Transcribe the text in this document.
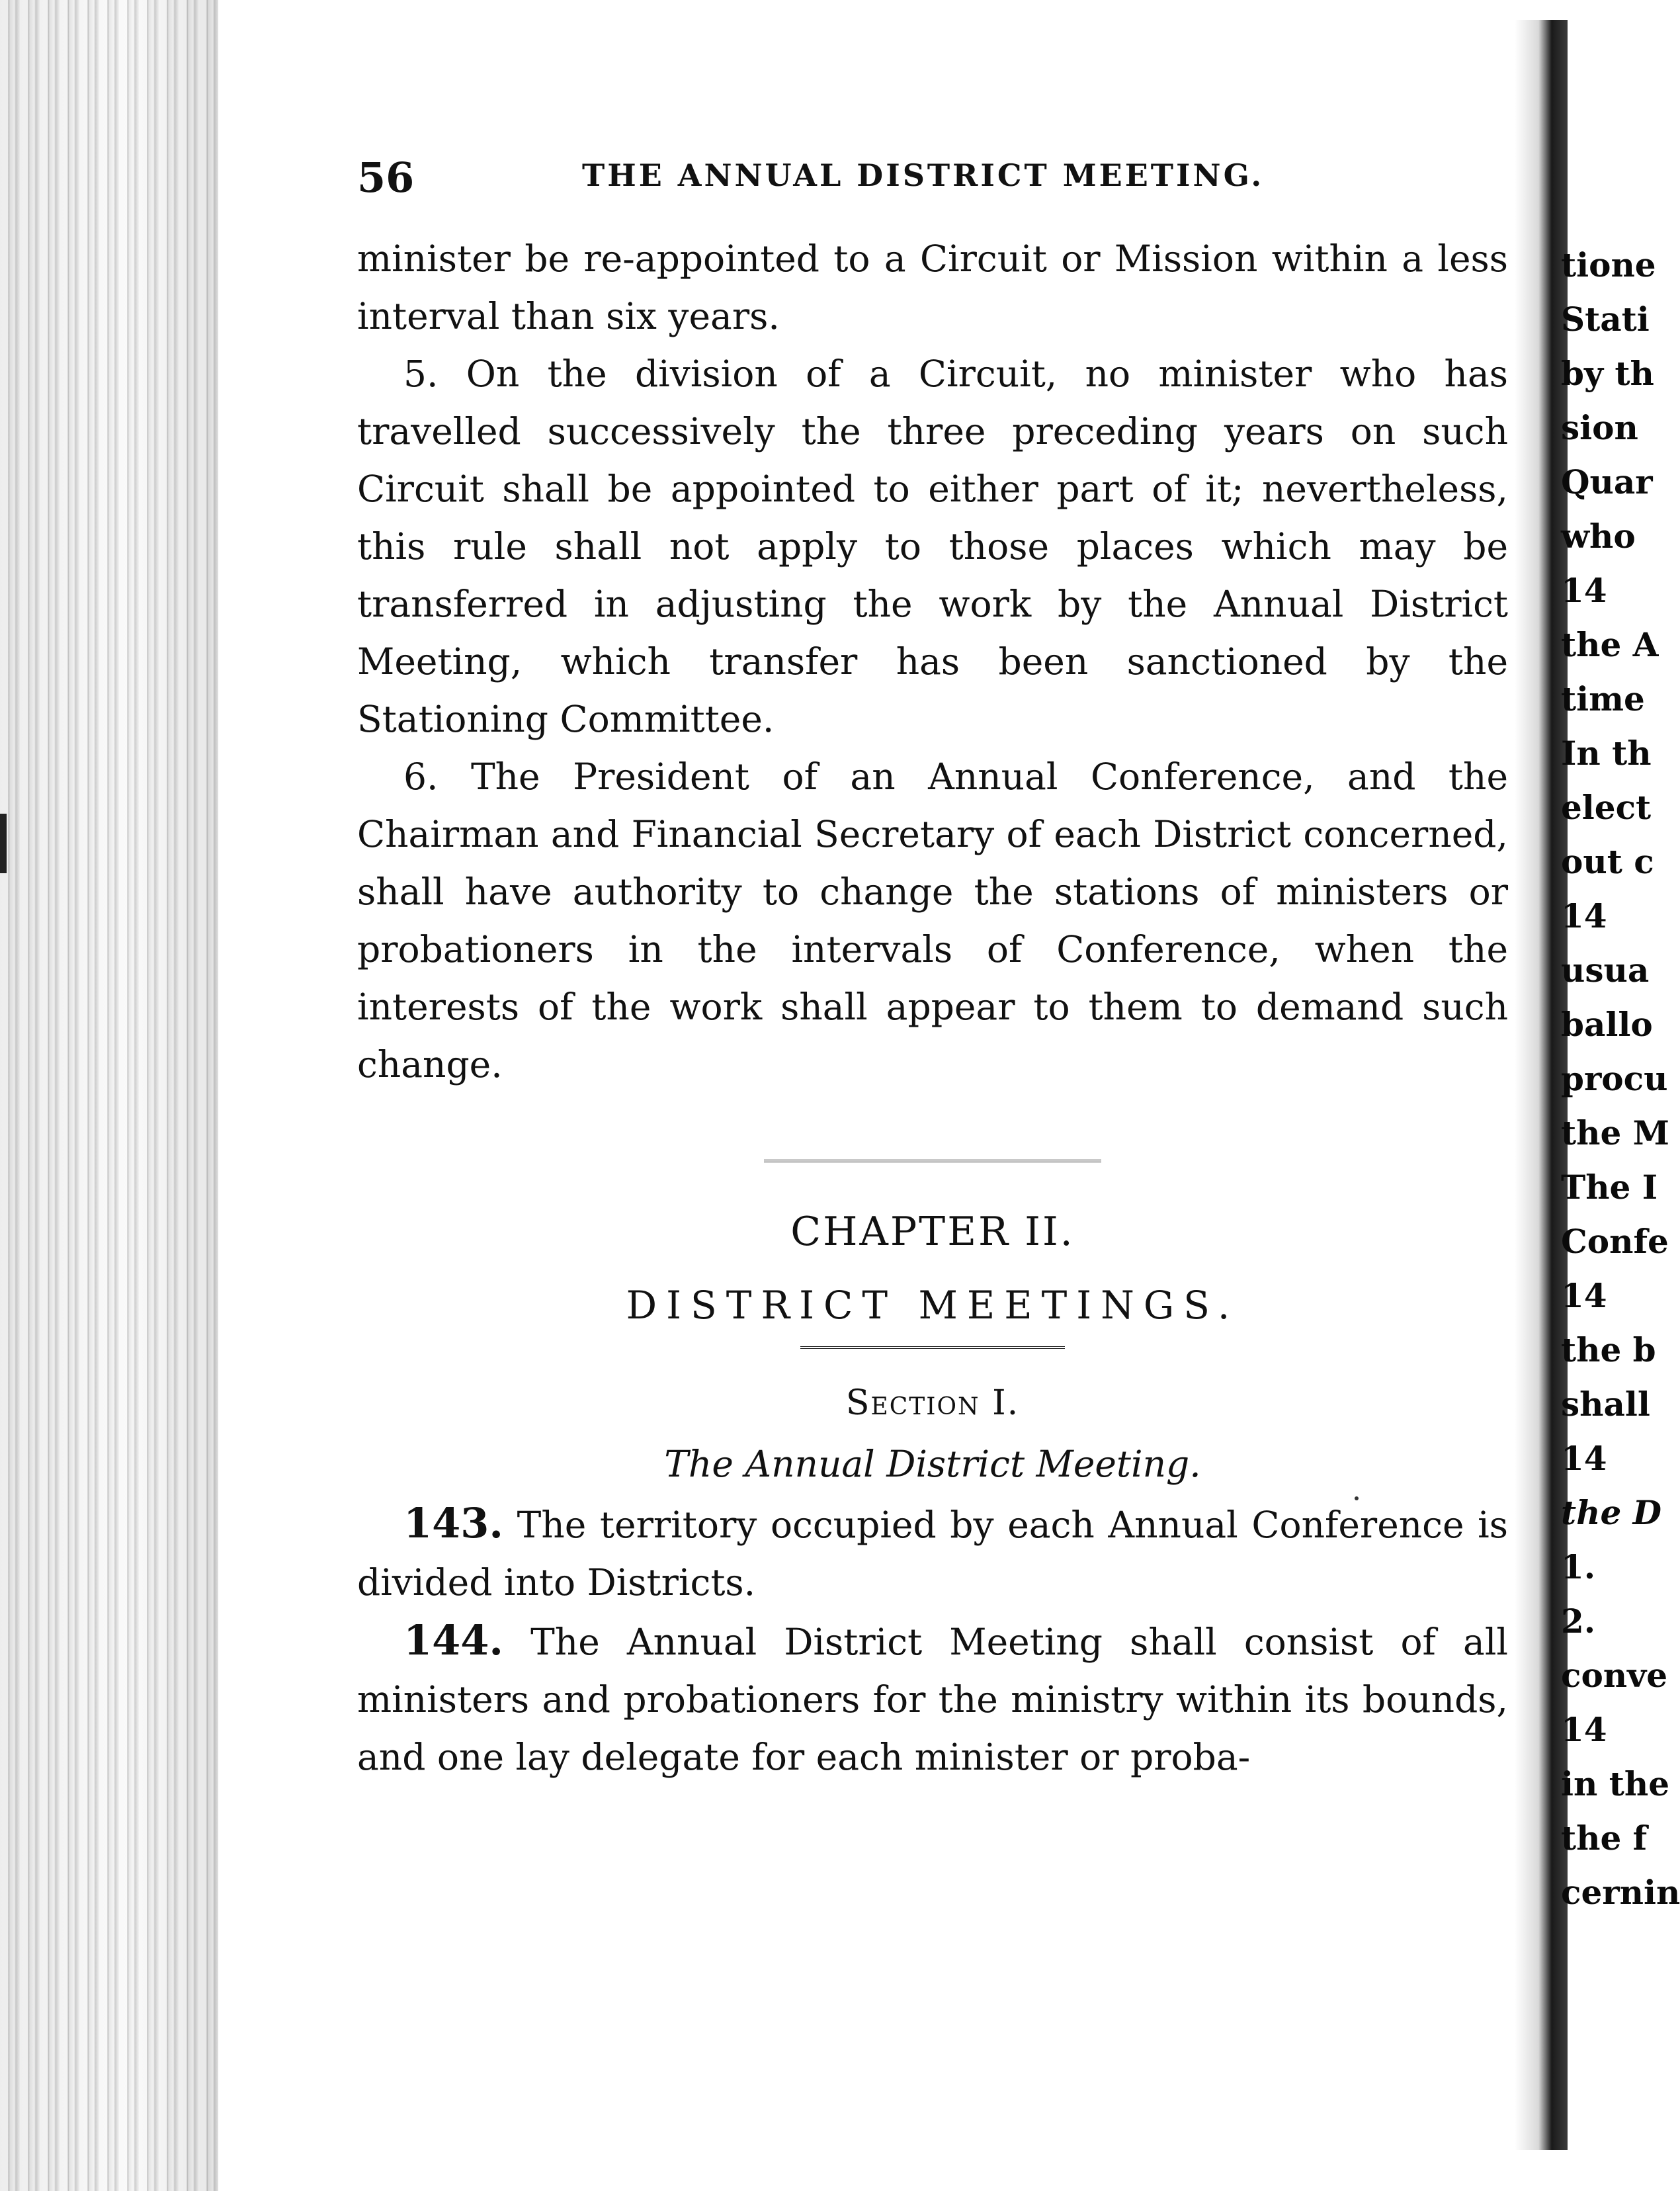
tione
Stati
by th
sion
Quar
who
14
the A
time
In th
elect
out c
14
usua
ballo
procu
the M
The I
Confe
14
the b
shall
14
the D
1.
2.
conve
14
in the
the f
cernin
56	THE ANNUAL DISTRICT MEETING.

minister be re-appointed to a Circuit or Mission within a less interval than six years.

5. On the division of a Circuit, no minister who has travelled successively the three preceding years on such Circuit shall be appointed to either part of it; nevertheless, this rule shall not apply to those places which may be transferred in adjusting the work by the Annual District Meeting, which transfer has been sanctioned by the Stationing Committee.

6. The President of an Annual Conference, and the Chairman and Financial Secretary of each District concerned, shall have authority to change the stations of ministers or probationers in the intervals of Conference, when the interests of the work shall appear to them to demand such change.

CHAPTER II.
DISTRICT MEETINGS.
Section I.
The Annual District Meeting.

143. The territory occupied by each Annual Conference is divided into Districts.

144. The Annual District Meeting shall consist of all ministers and probationers for the ministry within its bounds, and one lay delegate for each minister or proba-
